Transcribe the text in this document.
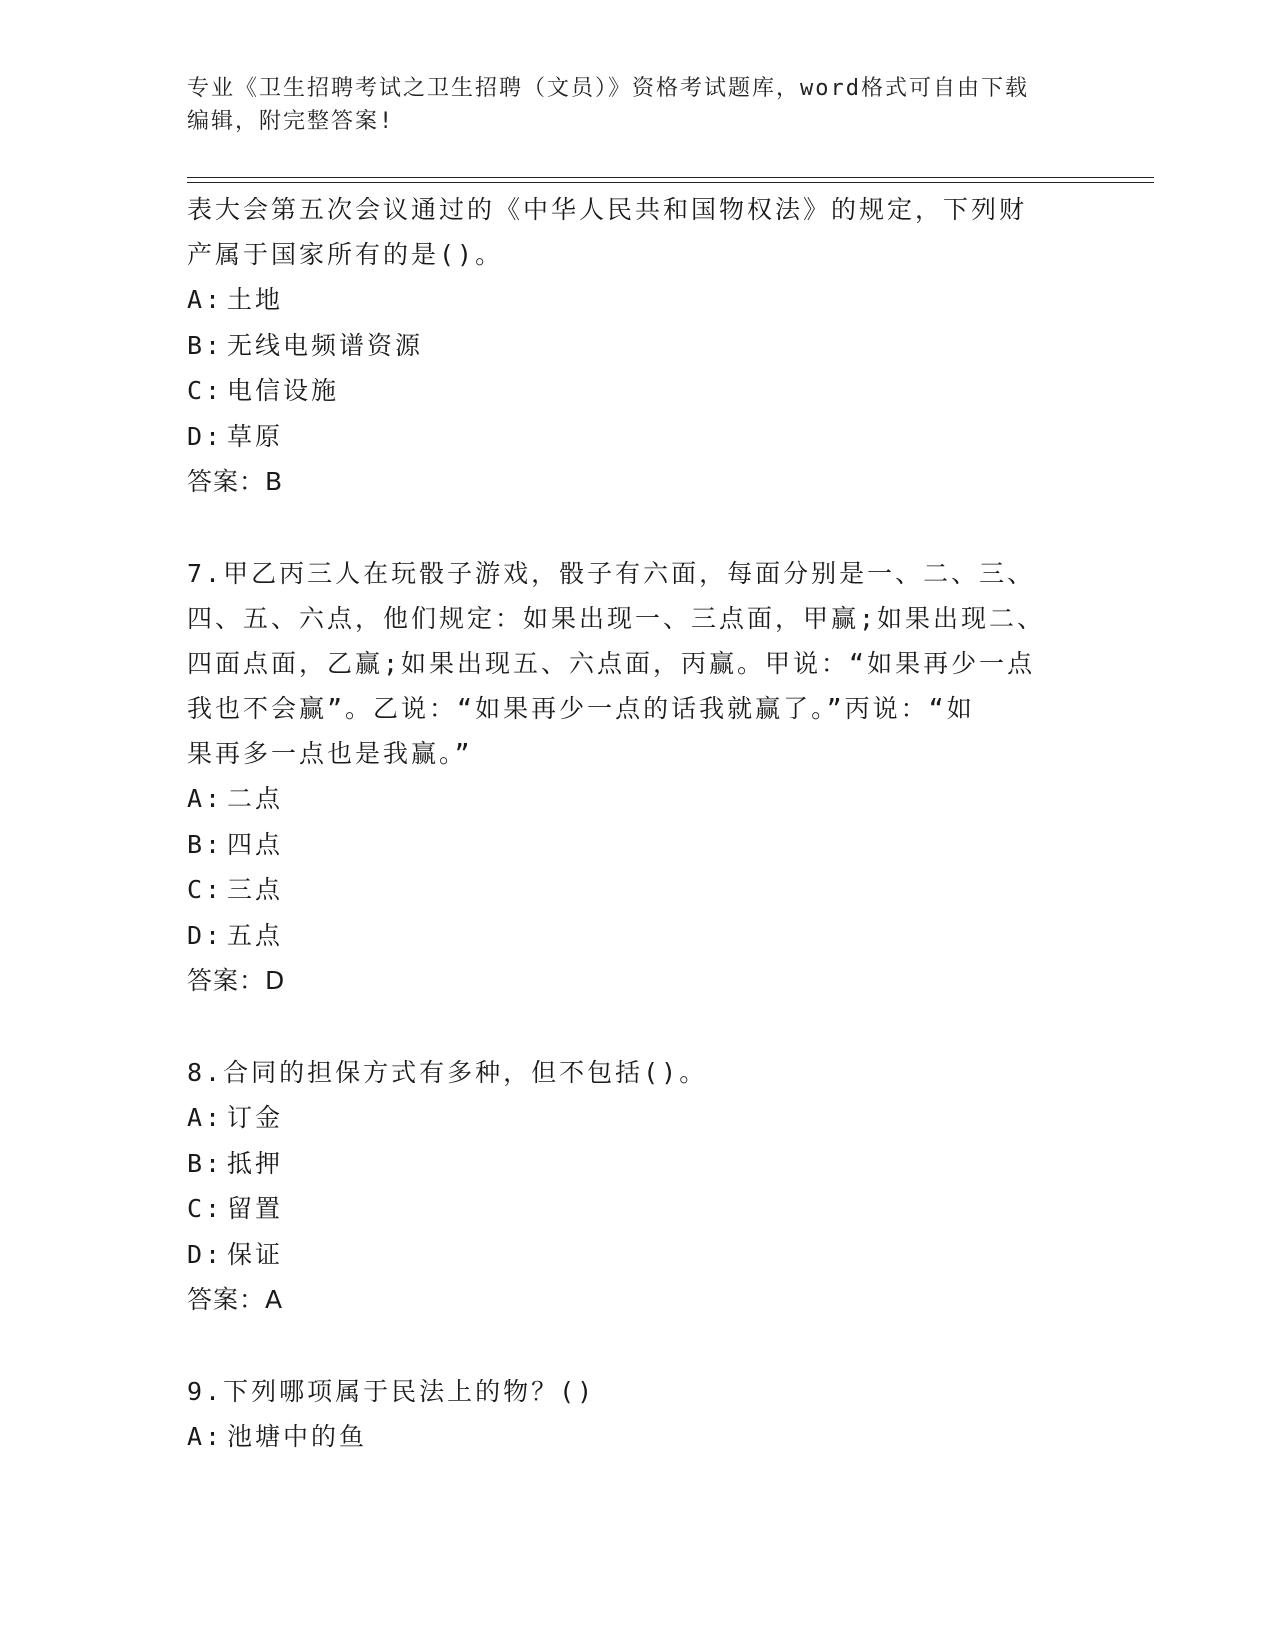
专业《卫生招聘考试之卫生招聘（文员）》资格考试题库，word格式可自由下载
编辑，附完整答案!
表大会第五次会议通过的《中华人民共和国物权法》的规定，下列财
产属于国家所有的是()。
A: 土地
B: 无线电频谱资源
C: 电信设施
D: 草原
答案：B
7.甲乙丙三人在玩骰子游戏，骰子有六面，每面分别是一、二、三、
四、五、六点，他们规定：如果出现一、三点面，甲赢;如果出现二、
四面点面，乙赢;如果出现五、六点面，丙赢。甲说：“如果再少一点
我也不会赢”。乙说：“如果再少一点的话我就赢了。”丙说：“如
果再多一点也是我赢。”
A: 二点
B: 四点
C: 三点
D: 五点
答案：D
8.合同的担保方式有多种，但不包括()。
A: 订金
B: 抵押
C: 留置
D: 保证
答案：A
9.下列哪项属于民法上的物？()
A: 池塘中的鱼
